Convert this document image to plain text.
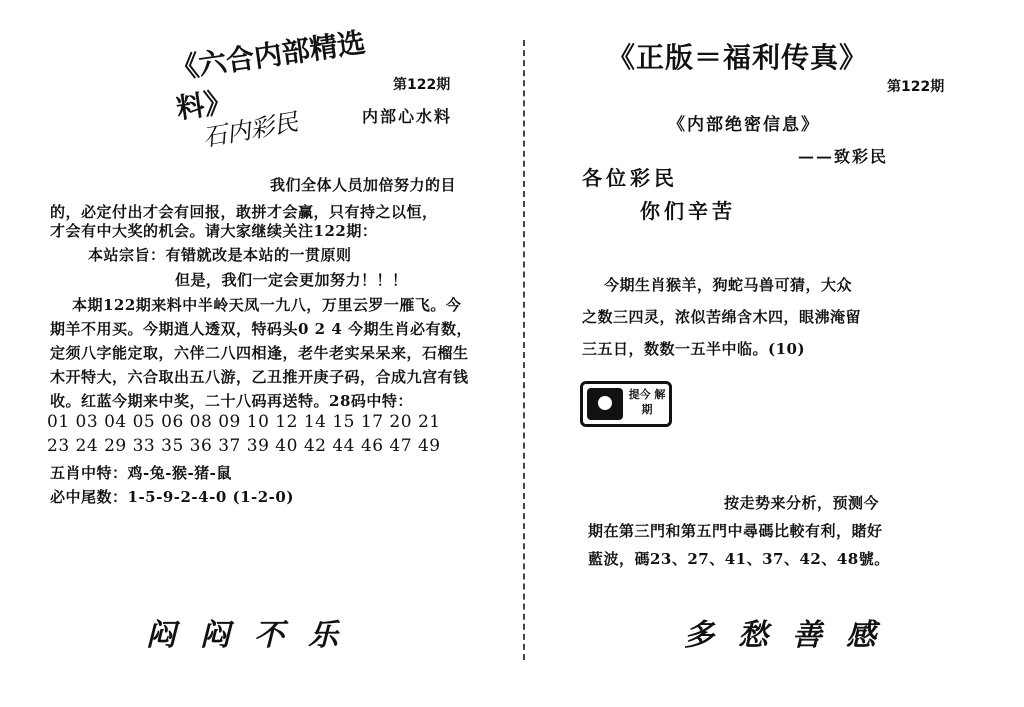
《六合内部精选料》
石内彩民
第122期
内部心水料
我们全体人员加倍努力的目
的，必定付出才会有回报，敢拼才会赢，只有持之以恒，
才会有中大奖的机会。请大家继续关注122期：
本站宗旨：有错就改是本站的一贯原则
但是，我们一定会更加努力！！！
本期122期来料中半岭天凤一九八，万里云罗一雁飞。今
期羊不用买。今期逍人透双，特码头0 2 4 今期生肖必有数，
定须八字能定取，六伴二八四相逢，老牛老实呆呆来，石榴生
木开特大，六合取出五八游，乙丑推开庚子码，合成九宫有钱
收。红蓝今期来中奖，二十八码再送特。28码中特：
01 03 04 05 06 08 09 10 12 14 15 17 20 21
23 24 29 33 35 36 37 39 40 42 44 46 47 49
五肖中特：鸡-兔-猴-猪-鼠
必中尾数：1-5-9-2-4-0 (1-2-0)
闷闷不乐
《正版＝福利传真》
第122期
《内部绝密信息》
——致彩民
各位彩民
你们辛苦
今期生肖猴羊，狗蛇马兽可猜，大众
之数三四灵，浓似苦绵含木四，眼沸淹留
三五日，数数一五半中临。(10)
提今 解期
按走势来分析，预测今
期在第三門和第五門中尋碼比較有利，賭好
藍波，碼23、27、41、37、42、48號。
多愁善感
